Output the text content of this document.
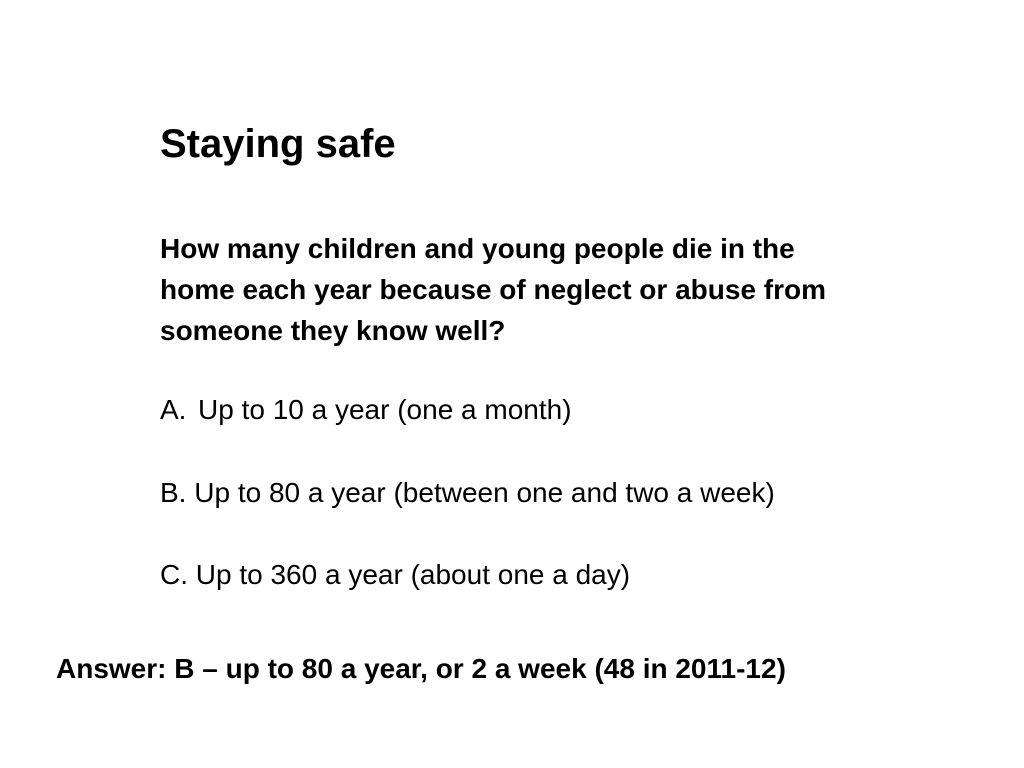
Staying safe
How many children and young people die in the
home each year because of neglect or abuse from
someone they know well?

A. Up to 10 a year (one a month)

B. Up to 80 a year (between one and two a week)

C. Up to 360 a year (about one a day)

Answer: B – up to 80 a year, or 2 a week (48 in 2011-12)
